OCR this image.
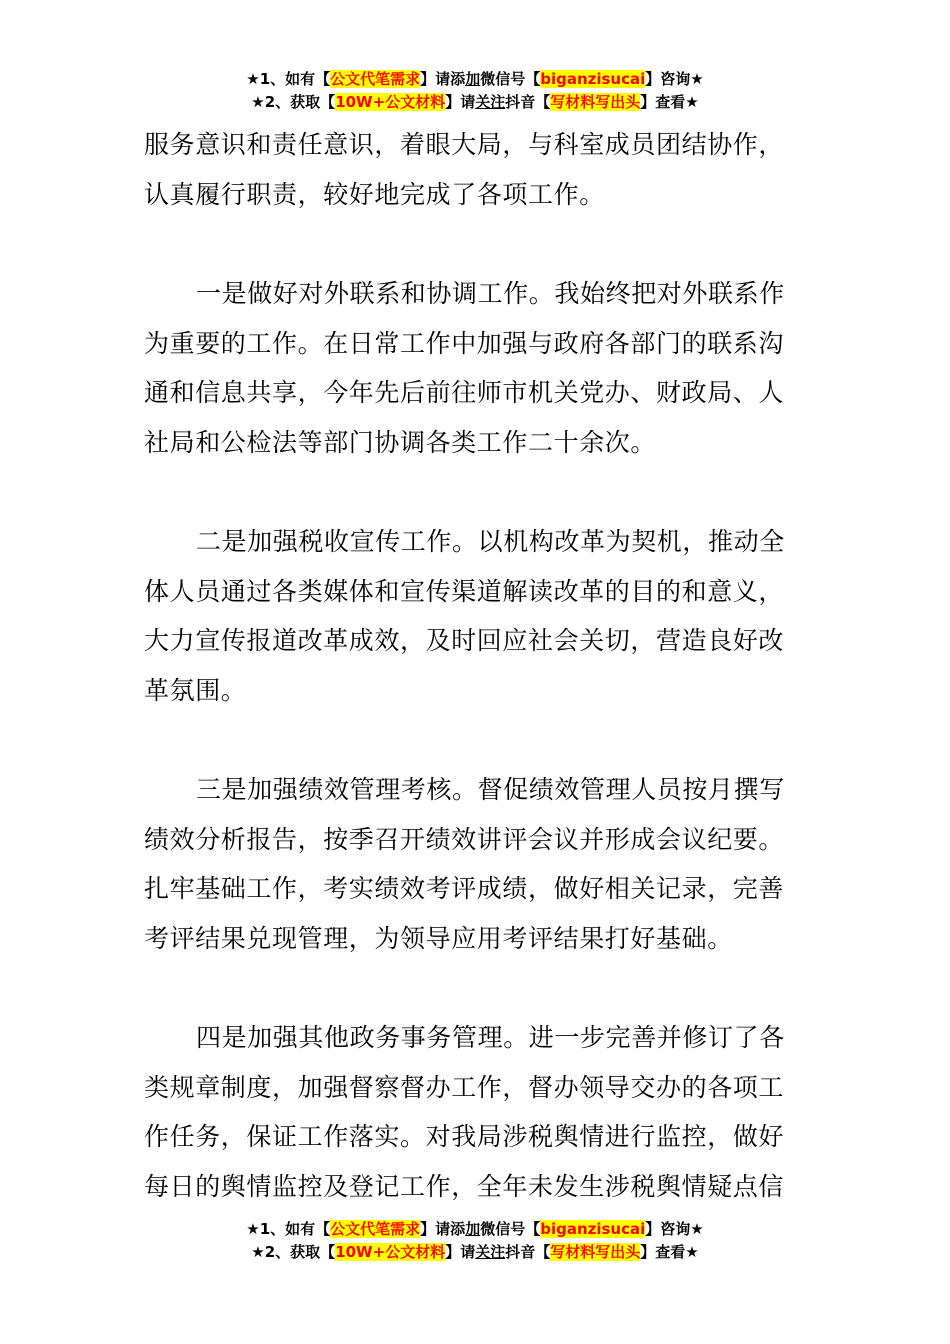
★1、如有【公文代笔需求】请添加微信号【biganzisucai】咨询★
★2、获取【10W+公文材料】请关注抖音【写材料写出头】查看★

服务意识和责任意识，着眼大局，与科室成员团结协作，认真履行职责，较好地完成了各项工作。

一是做好对外联系和协调工作。我始终把对外联系作为重要的工作。在日常工作中加强与政府各部门的联系沟通和信息共享，今年先后前往师市机关党办、财政局、人社局和公检法等部门协调各类工作二十余次。

二是加强税收宣传工作。以机构改革为契机，推动全体人员通过各类媒体和宣传渠道解读改革的目的和意义，大力宣传报道改革成效，及时回应社会关切，营造良好改革氛围。

三是加强绩效管理考核。督促绩效管理人员按月撰写绩效分析报告，按季召开绩效讲评会议并形成会议纪要。扎牢基础工作，考实绩效考评成绩，做好相关记录，完善考评结果兑现管理，为领导应用考评结果打好基础。

四是加强其他政务事务管理。进一步完善并修订了各类规章制度，加强督察督办工作，督办领导交办的各项工作任务，保证工作落实。对我局涉税舆情进行监控，做好每日的舆情监控及登记工作，全年未发生涉税舆情疑点信

★1、如有【公文代笔需求】请添加微信号【biganzisucai】咨询★
★2、获取【10W+公文材料】请关注抖音【写材料写出头】查看★
